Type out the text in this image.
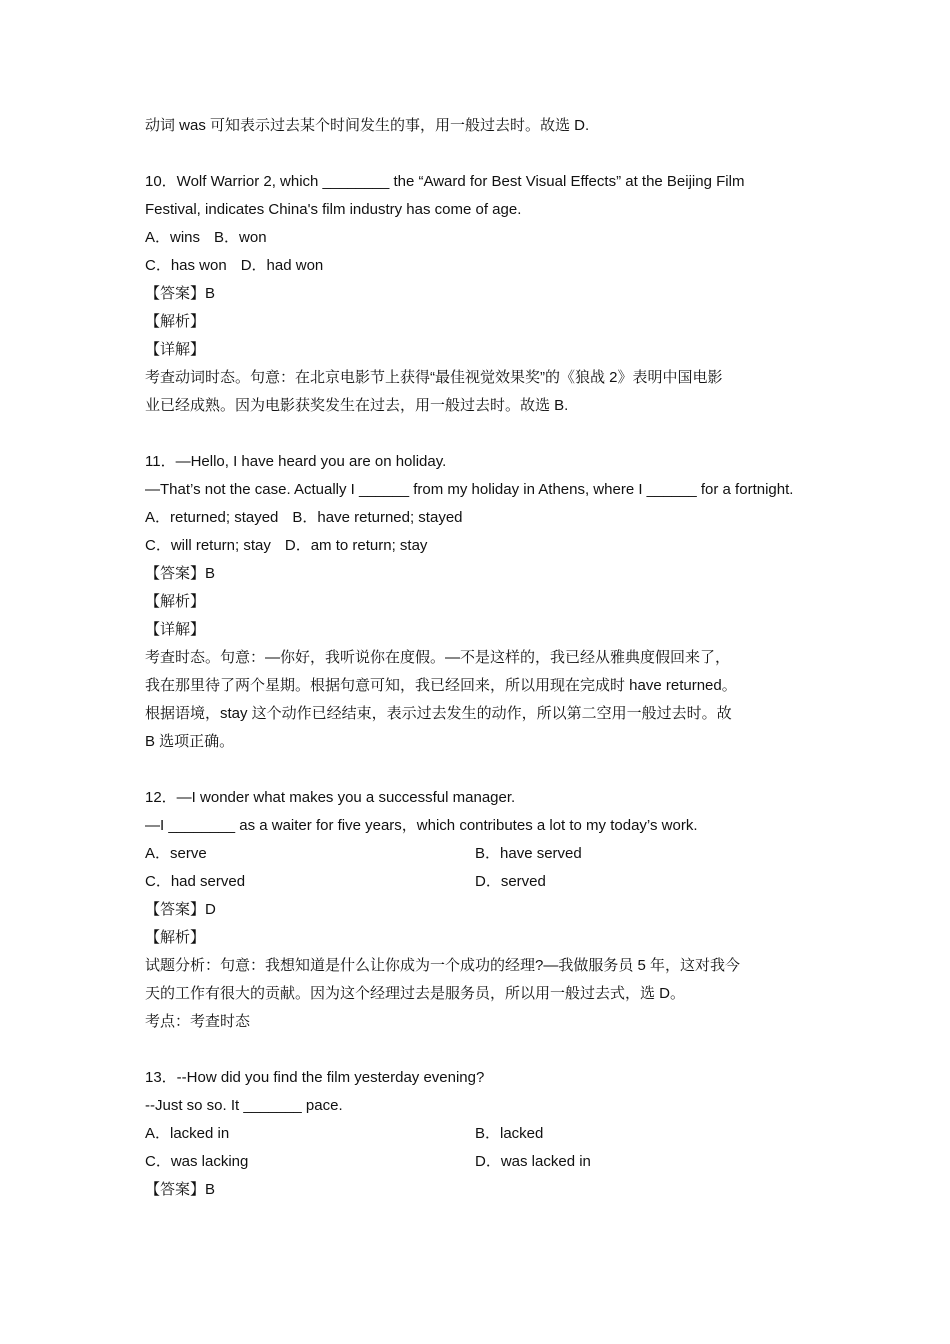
动词 was 可知表示过去某个时间发生的事，用一般过去时。故选 D.
10．Wolf Warrior 2, which ________ the “Award for Best Visual Effects” at the Beijing Film
Festival, indicates China's film industry has come of age.
A．wins B．won
C．has won D．had won
【答案】B
【解析】
【详解】
考查动词时态。句意：在北京电影节上获得“最佳视觉效果奖”的《狼战 2》表明中国电影
业已经成熟。因为电影获奖发生在过去，用一般过去时。故选 B.
11．—Hello, I have heard you are on holiday.
—That’s not the case. Actually I ______ from my holiday in Athens, where I ______ for a fortnight.
A．returned; stayed B．have returned; stayed
C．will return; stay D．am to return; stay
【答案】B
【解析】
【详解】
考查时态。句意：—你好，我听说你在度假。—不是这样的，我已经从雅典度假回来了，
我在那里待了两个星期。根据句意可知，我已经回来，所以用现在完成时 have returned。
根据语境，stay 这个动作已经结束，表示过去发生的动作，所以第二空用一般过去时。故
B 选项正确。
12．—I wonder what makes you a successful manager.
—I ________ as a waiter for five years，which contributes a lot to my today’s work.
A．serve	B．have served
C．had served	D．served
【答案】D
【解析】
试题分析：句意：我想知道是什么让你成为一个成功的经理?—我做服务员 5 年，这对我今
天的工作有很大的贡献。因为这个经理过去是服务员，所以用一般过去式，选 D。
考点：考查时态
13．--How did you find the film yesterday evening?
--Just so so. It _______ pace.
A．lacked in	B．lacked
C．was lacking	D．was lacked in
【答案】B
